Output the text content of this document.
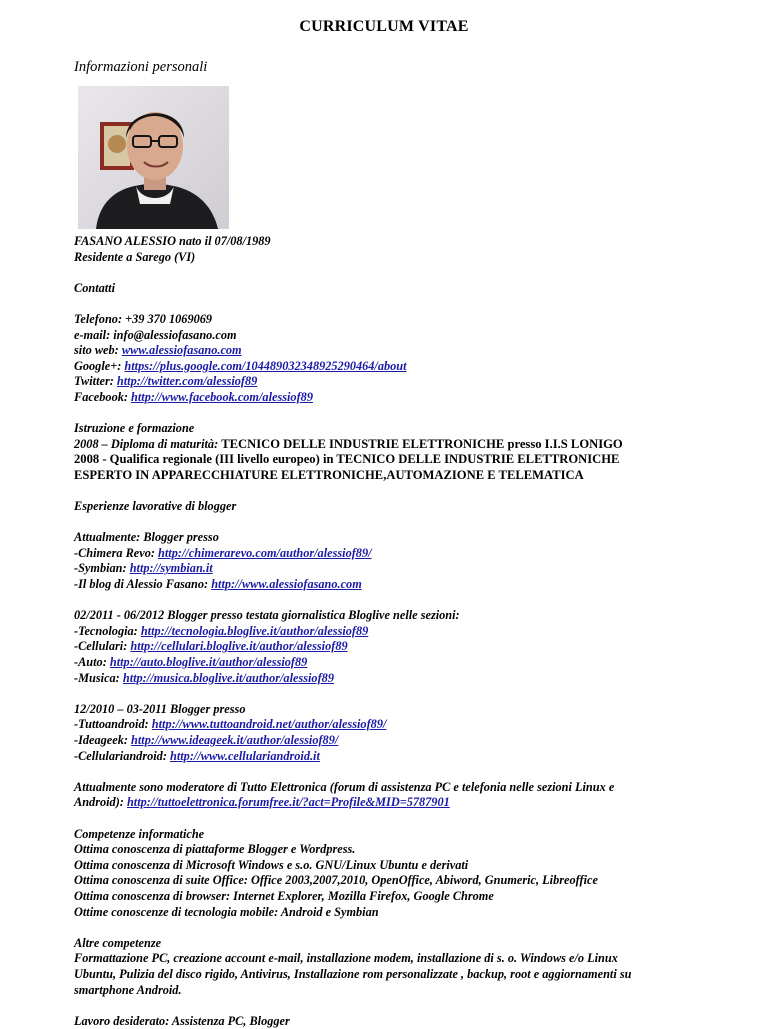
CURRICULUM VITAE
Informazioni personali
FASANO ALESSIO nato il 07/08/1989
Residente a Sarego (VI)
Contatti
Telefono: +39 370 1069069
e-mail: info@alessiofasano.com
sito web: www.alessiofasano.com
Google+: https://plus.google.com/104489032348925290464/about
Twitter: http://twitter.com/alessiof89
Facebook: http://www.facebook.com/alessiof89
Istruzione e formazione
2008 – Diploma di maturità: TECNICO DELLE INDUSTRIE ELETTRONICHE presso I.I.S LONIGO
2008 - Qualifica regionale (III livello europeo) in TECNICO DELLE INDUSTRIE ELETTRONICHE
ESPERTO IN APPARECCHIATURE ELETTRONICHE,AUTOMAZIONE E TELEMATICA
Esperienze lavorative di blogger
Attualmente: Blogger presso
-Chimera Revo: http://chimerarevo.com/author/alessiof89/
-Symbian: http://symbian.it
-Il blog di Alessio Fasano: http://www.alessiofasano.com
02/2011 - 06/2012 Blogger presso testata giornalistica Bloglive nelle sezioni:
-Tecnologia: http://tecnologia.bloglive.it/author/alessiof89
-Cellulari: http://cellulari.bloglive.it/author/alessiof89
-Auto: http://auto.bloglive.it/author/alessiof89
-Musica: http://musica.bloglive.it/author/alessiof89
12/2010 – 03-2011 Blogger presso
-Tuttoandroid: http://www.tuttoandroid.net/author/alessiof89/
-Ideageek: http://www.ideageek.it/author/alessiof89/
-Cellulariandroid: http://www.cellulariandroid.it
Attualmente sono moderatore di Tutto Elettronica (forum di assistenza PC e telefonia nelle sezioni Linux e
Android): http://tuttoelettronica.forumfree.it/?act=Profile&MID=5787901
Competenze informatiche
Ottima conoscenza di piattaforme Blogger e Wordpress.
Ottima conoscenza di Microsoft Windows e s.o. GNU/Linux Ubuntu e derivati
Ottima conoscenza di suite Office: Office 2003,2007,2010, OpenOffice, Abiword, Gnumeric, Libreoffice
Ottima conoscenza di browser: Internet Explorer, Mozilla Firefox, Google Chrome
Ottime conoscenze di tecnologia mobile: Android e Symbian
Altre competenze
Formattazione PC, creazione account e-mail, installazione modem, installazione di s. o. Windows e/o Linux
Ubuntu, Pulizia del disco rigido, Antivirus, Installazione rom personalizzate , backup, root e aggiornamenti su
smartphone Android.
Lavoro desiderato: Assistenza PC, Blogger
